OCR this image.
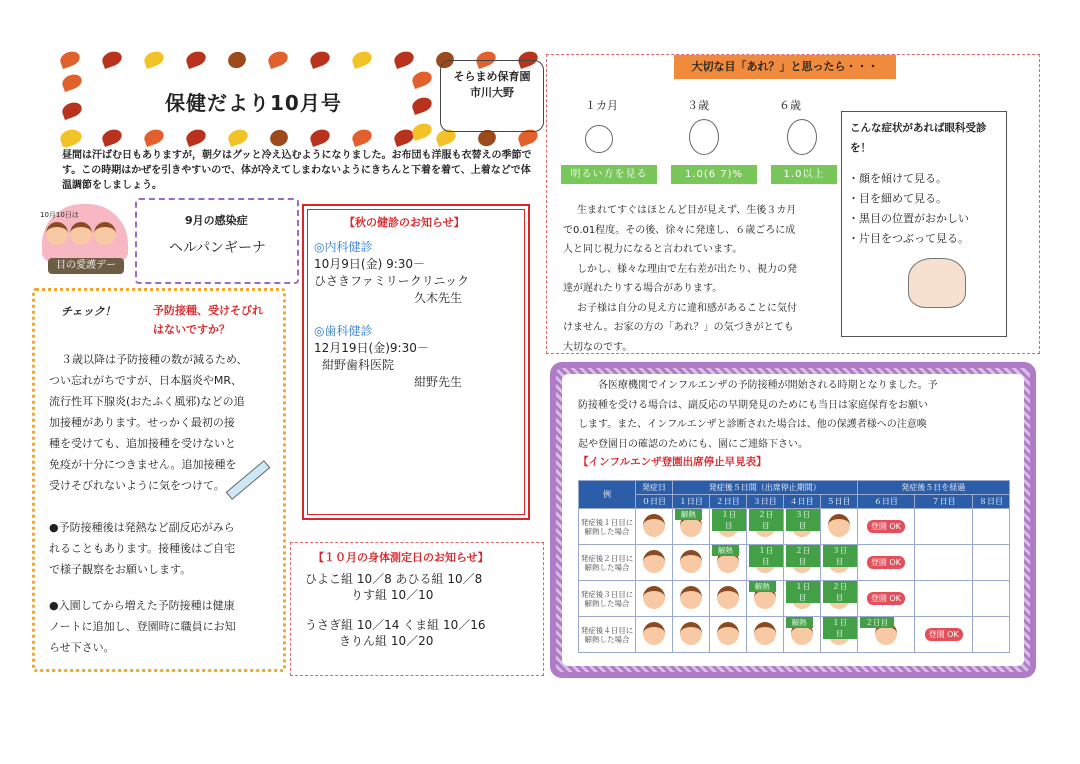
保健だより10月号
そらまめ保育園
市川大野
昼間は汗ばむ日もありますが，朝夕はグッと冷え込むようになりました。お布団も洋服も衣替えの季節です。この時期はかぜを引きやすいので、体が冷えてしまわないようにきちんと下着を着て、上着などで体温調節をしましょう。
10月10日は
目の愛護デー
9月の感染症
ヘルパンギーナ
チェック！	予防接種、受けそびれ
はないですか？
３歳以降は予防接種の数が減るため、
つい忘れがちですが、日本脳炎やMR、
流行性耳下腺炎(おたふく風邪)などの追
加接種があります。せっかく最初の接
種を受けても、追加接種を受けないと
免疫が十分につきません。追加接種を
受けそびれないように気をつけて。
●予防接種後は発熱など副反応がみら
れることもあります。接種後はご自宅
で様子観察をお願いします。
●入園してから増えた予防接種は健康
ノートに追加し、登園時に職員にお知
らせ下さい。
【秋の健診のお知らせ】
◎内科健診
10月9日(金) 9:30－
ひさきファミリークリニック
久木先生
◎歯科健診
12月19日(金)9:30－
紺野歯科医院
紺野先生
【１０月の身体測定日のお知らせ】
ひよこ組 10／8 あひる組 10／8
りす組 10／10
うさぎ組 10／14 くま組 10／16
きりん組 10／20
大切な目「あれ？」と思ったら・・・
１カ月	３歳	６歳
明るい方を見る	1.0(6 7)%	1.0以上
生まれてすぐはほとんど目が見えず、生後３カ月
で0.01程度。その後、徐々に発達し、６歳ごろに成
人と同じ視力になると言われています。
しかし、様々な理由で左右差が出たり、視力の発
達が遅れたりする場合があります。
お子様は自分の見え方に違和感があることに気付
けません。お家の方の「あれ？」の気づきがとても
大切なのです。
こんな症状があれば眼科受診
を！
・顔を傾けて見る。
・目を細めて見る。
・黒目の位置がおかしい
・片目をつぶって見る。
各医療機関でインフルエンザの予防接種が開始される時期となりました。予
防接種を受ける場合は、副反応の早期発見のためにも当日は家庭保育をお願い
します。また、インフルエンザと診断された場合は、他の保護者様への注意喚
起や登園日の確認のためにも、園にご連絡下さい。
【インフルエンザ登園出席停止早見表】
例	発症日	発症後５日間（出席停止期間）					発症後５日を経過		
	０日目	１日目	２日目	３日目	４日目	５日目	６日目	７日目	８日目
発症後１日目に解熱した場合		解熱	１日目	２日目	３日目		登園 OK		
発症後２日目に解熱した場合			解熱	１日目	２日目	３日目	登園 OK		
発症後３日目に解熱した場合				解熱	１日目	２日目	登園 OK		
発症後４日目に解熱した場合					解熱	１日目	２日目	登園 OK	
